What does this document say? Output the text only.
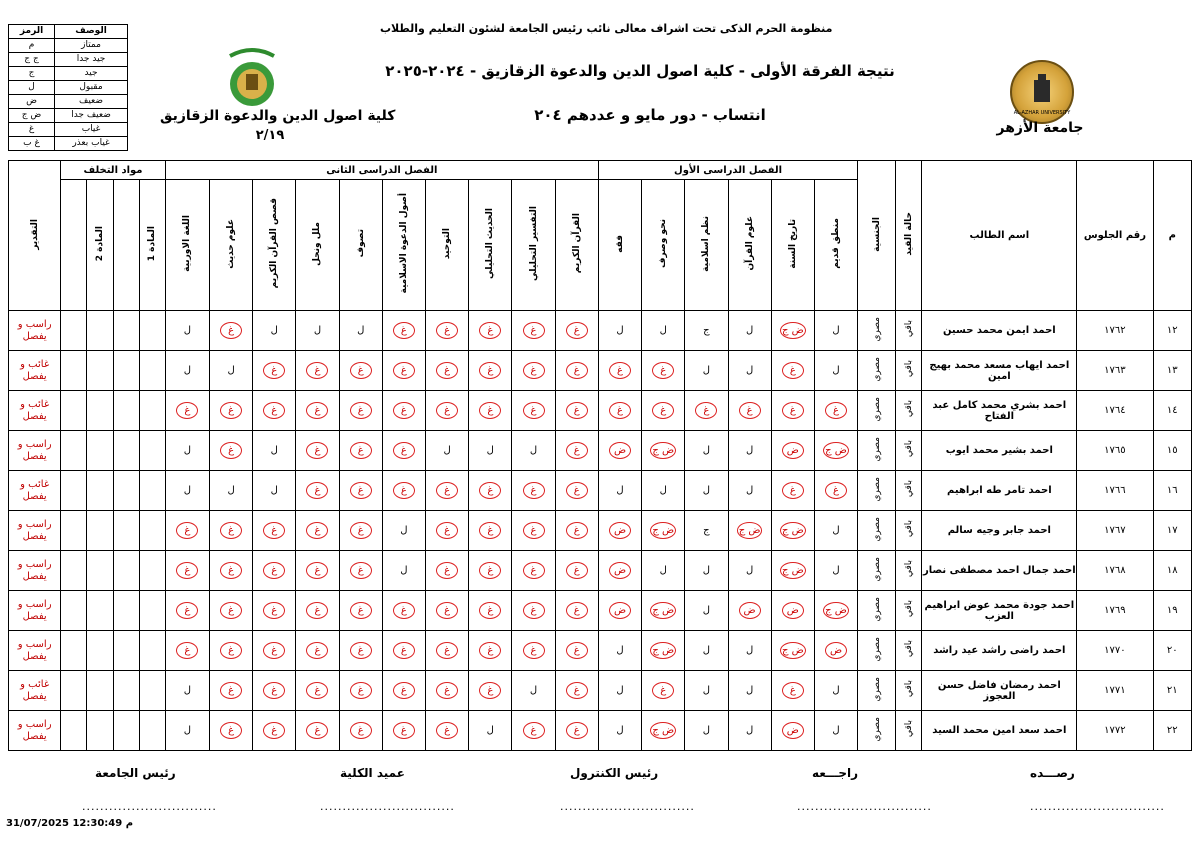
منظومة الحرم الذكى تحت اشراف معالى نائب رئيس الجامعة لشئون التعليم والطلاب
نتيجة الفرقة الأولى - كلية اصول الدين والدعوة الزقازيق - ٢٠٢٤-٢٠٢٥
انتساب - دور مايو و عددهم ٢٠٤	AL-AZHAR UNIVERSITY
جامعة الأزهر
كلية اصول الدين والدعوة الزقازيق
٢/١٩
الرمز	الوصف
م	ممتاز
ج ج	جيد جدا
ج	جيد
ل	مقبول
ض	ضعيف
ض ج	ضعيف جدا
غ	غياب
غ ب	غياب بعذر
التقدير	مواد التخلف				الفصل الدراسى الثانى										الفصل الدراسى الأول						الجنسية	حالة القيد	اسم الطالب	رقم الجلوس	م
		المادة 2		المادة 1	اللغة الاوربية	علوم حديث	قصص القرآن الكريم	ملل ونحل	تصوف	أصول الدعوة الاسلامية	التوحيد	الحديث التحليلي	التفسير التحليلي	القرآن الكريم	فقه	نحو وصرف	نظم اسلامية	علوم القرآن	تاريخ السنة	منطق قديم					
راسب و
يفصل					ل	غ	ل	ل	ل	غ	غ	غ	غ	غ	ل	ل	ج	ل	ض ج	ل	مصري	باقي	احمد ايمن محمد حسين	١٧٦٢	١٢
غائب و
يفصل					ل	ل	غ	غ	غ	غ	غ	غ	غ	غ	غ	غ	ل	ل	غ	ل	مصري	باقي	احمد ايهاب مسعد محمد بهيج امين	١٧٦٣	١٣
غائب و
يفصل					غ	غ	غ	غ	غ	غ	غ	غ	غ	غ	غ	غ	غ	غ	غ	غ	مصري	باقي	احمد بشري محمد كامل عبد الفتاح	١٧٦٤	١٤
راسب و
يفصل					ل	غ	ل	غ	غ	غ	ل	ل	ل	غ	ض	ض ج	ل	ل	ض	ض ج	مصري	باقي	احمد بشير محمد ايوب	١٧٦٥	١٥
غائب و
يفصل					ل	ل	ل	غ	غ	غ	غ	غ	غ	غ	ل	ل	ل	ل	غ	غ	مصري	باقي	احمد تامر طه ابراهيم	١٧٦٦	١٦
راسب و
يفصل					غ	غ	غ	غ	غ	ل	غ	غ	غ	غ	ض	ض ج	ج	ض ج	ض ج	ل	مصري	باقي	احمد جابر وجيه سالم	١٧٦٧	١٧
راسب و
يفصل					غ	غ	غ	غ	غ	ل	غ	غ	غ	غ	ض	ل	ل	ل	ض ج	ل	مصري	باقي	احمد جمال احمد مصطفى نصار	١٧٦٨	١٨
راسب و
يفصل					غ	غ	غ	غ	غ	غ	غ	غ	غ	غ	ض	ض ج	ل	ض	ض	ض ج	مصري	باقي	احمد جودة محمد عوض ابراهيم العزب	١٧٦٩	١٩
راسب و
يفصل					غ	غ	غ	غ	غ	غ	غ	غ	غ	غ	ل	ض ج	ل	ل	ض ج	ض	مصري	باقي	احمد راضى راشد عيد راشد	١٧٧٠	٢٠
غائب و
يفصل					ل	غ	غ	غ	غ	غ	غ	غ	ل	غ	ل	غ	ل	ل	غ	ل	مصري	باقي	احمد رمضان فاضل حسن العجوز	١٧٧١	٢١
راسب و
يفصل					ل	غ	غ	غ	غ	غ	غ	ل	غ	غ	ل	ض ج	ل	ل	ض	ل	مصري	باقي	احمد سعد امين محمد السيد	١٧٧٢	٢٢
رصـــده
راجـــعه
رئيس الكنترول
عميد الكلية
رئيس الجامعة
..............................
..............................
..............................
..............................
..............................
31/07/2025 12:30:49 م
